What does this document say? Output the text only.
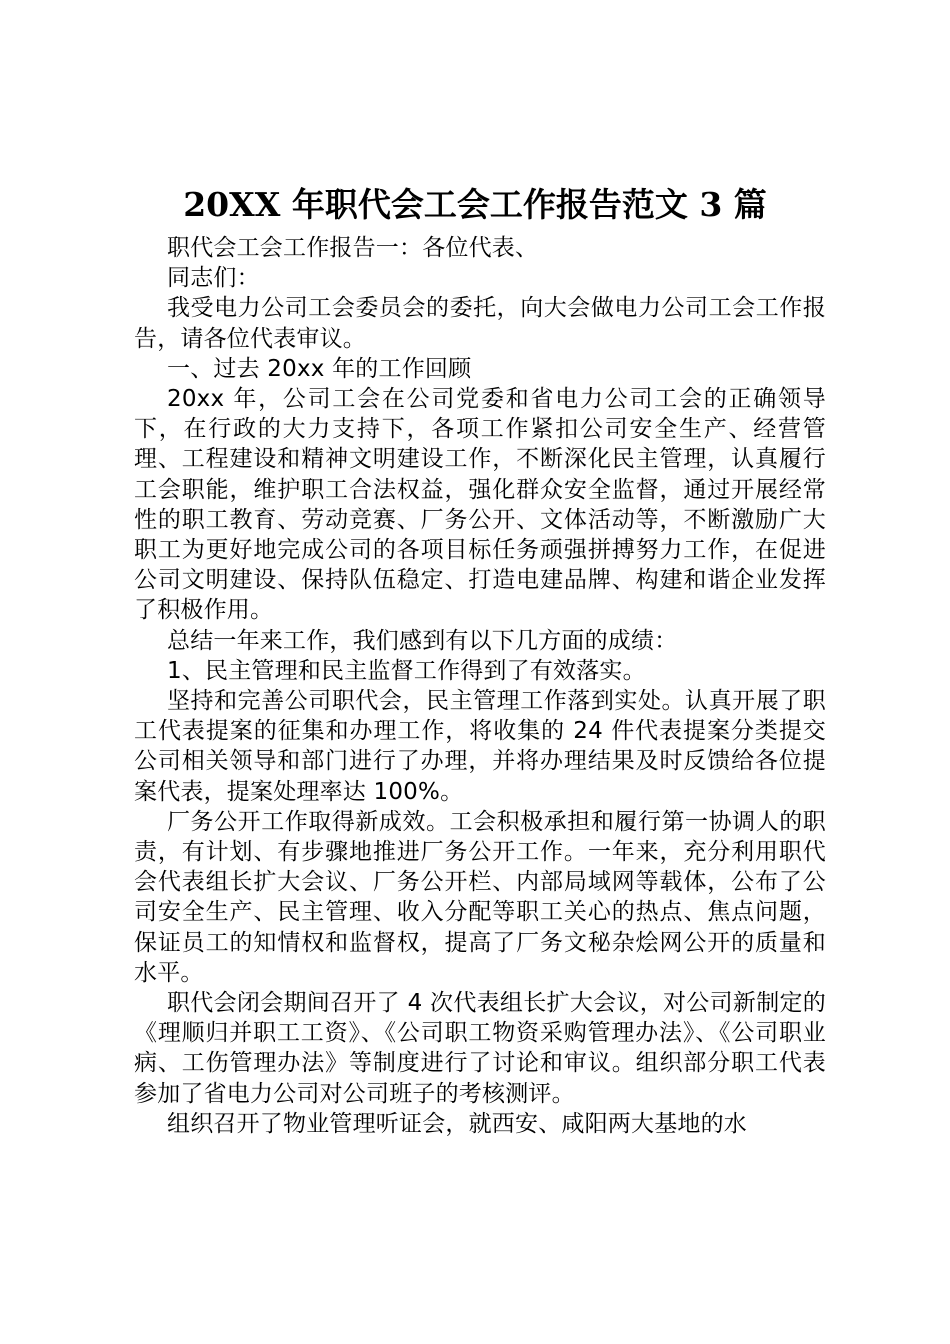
20XX 年职代会工会工作报告范文 3 篇

职代会工会工作报告一：各位代表、

同志们：

我受电力公司工会委员会的委托，向大会做电力公司工会工作报告，请各位代表审议。

一、过去 20xx 年的工作回顾

20xx 年，公司工会在公司党委和省电力公司工会的正确领导下，在行政的大力支持下，各项工作紧扣公司安全生产、经营管理、工程建设和精神文明建设工作，不断深化民主管理，认真履行工会职能，维护职工合法权益，强化群众安全监督，通过开展经常性的职工教育、劳动竞赛、厂务公开、文体活动等，不断激励广大职工为更好地完成公司的各项目标任务顽强拼搏努力工作，在促进公司文明建设、保持队伍稳定、打造电建品牌、构建和谐企业发挥了积极作用。

总结一年来工作，我们感到有以下几方面的成绩：

1、民主管理和民主监督工作得到了有效落实。

坚持和完善公司职代会，民主管理工作落到实处。认真开展了职工代表提案的征集和办理工作，将收集的 24 件代表提案分类提交公司相关领导和部门进行了办理，并将办理结果及时反馈给各位提案代表，提案处理率达 100%。

厂务公开工作取得新成效。工会积极承担和履行第一协调人的职责，有计划、有步骤地推进厂务公开工作。一年来，充分利用职代会代表组长扩大会议、厂务公开栏、内部局域网等载体，公布了公司安全生产、民主管理、收入分配等职工关心的热点、焦点问题，保证员工的知情权和监督权，提高了厂务文秘杂烩网公开的质量和水平。

职代会闭会期间召开了 4 次代表组长扩大会议，对公司新制定的《理顺归并职工工资》、《公司职工物资采购管理办法》、《公司职业病、工伤管理办法》等制度进行了讨论和审议。组织部分职工代表参加了省电力公司对公司班子的考核测评。

组织召开了物业管理听证会，就西安、咸阳两大基地的水
